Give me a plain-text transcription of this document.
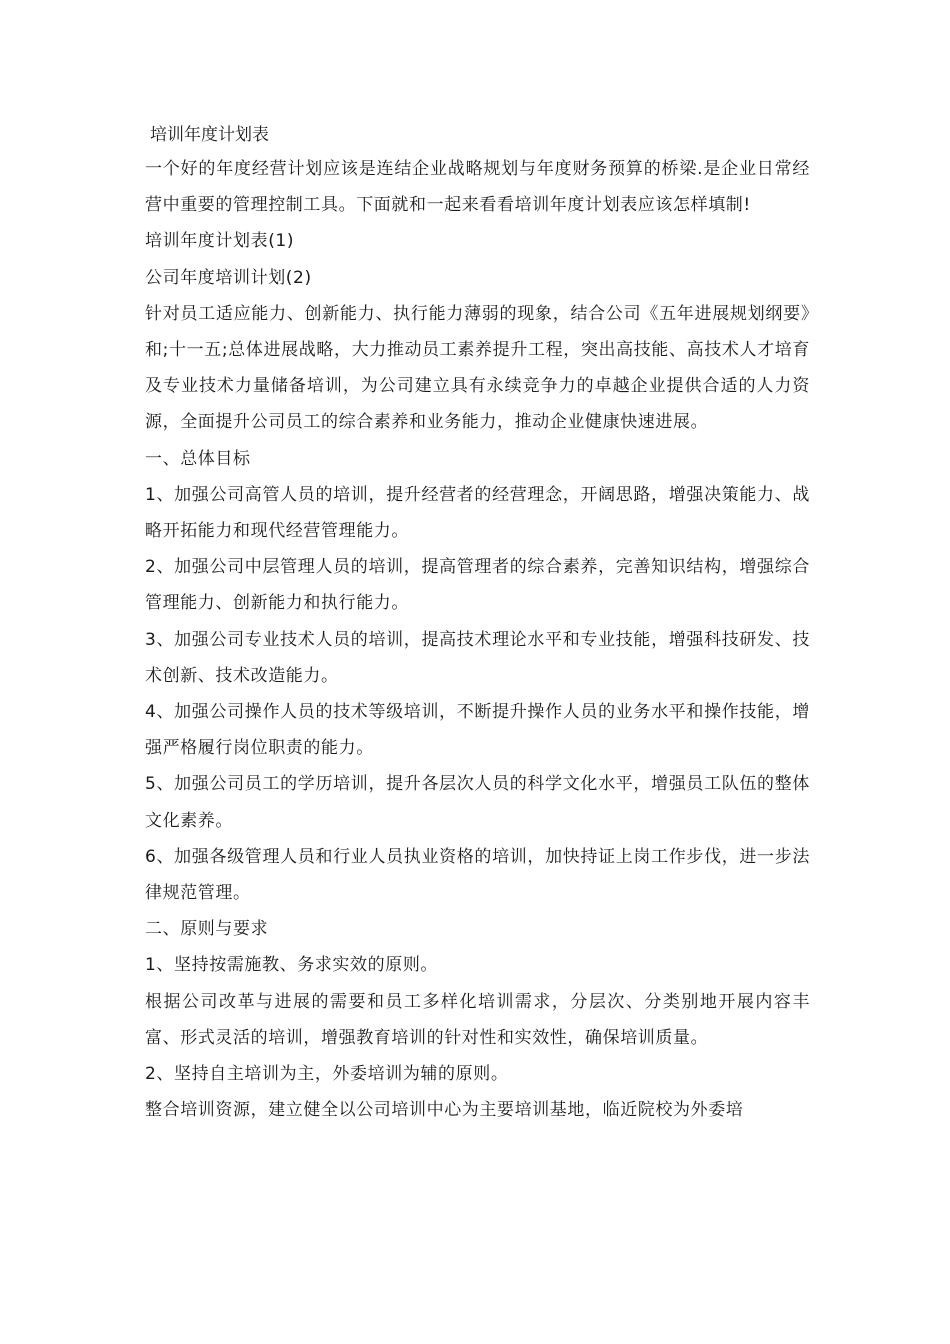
培训年度计划表

一个好的年度经营计划应该是连结企业战略规划与年度财务预算的桥梁.是企业日常经营中重要的管理控制工具。下面就和一起来看看培训年度计划表应该怎样填制!

培训年度计划表(1)

公司年度培训计划(2)

针对员工适应能力、创新能力、执行能力薄弱的现象，结合公司《五年进展规划纲要》和;十一五;总体进展战略，大力推动员工素养提升工程，突出高技能、高技术人才培育及专业技术力量储备培训，为公司建立具有永续竞争力的卓越企业提供合适的人力资源，全面提升公司员工的综合素养和业务能力，推动企业健康快速进展。

一、总体目标

1、加强公司高管人员的培训，提升经营者的经营理念，开阔思路，增强决策能力、战略开拓能力和现代经营管理能力。

2、加强公司中层管理人员的培训，提高管理者的综合素养，完善知识结构，增强综合管理能力、创新能力和执行能力。

3、加强公司专业技术人员的培训，提高技术理论水平和专业技能，增强科技研发、技术创新、技术改造能力。

4、加强公司操作人员的技术等级培训，不断提升操作人员的业务水平和操作技能，增强严格履行岗位职责的能力。

5、加强公司员工的学历培训，提升各层次人员的科学文化水平，增强员工队伍的整体文化素养。

6、加强各级管理人员和行业人员执业资格的培训，加快持证上岗工作步伐，进一步法律规范管理。

二、原则与要求

1、坚持按需施教、务求实效的原则。

根据公司改革与进展的需要和员工多样化培训需求，分层次、分类别地开展内容丰富、形式灵活的培训，增强教育培训的针对性和实效性，确保培训质量。

2、坚持自主培训为主，外委培训为辅的原则。

整合培训资源，建立健全以公司培训中心为主要培训基地，临近院校为外委培
